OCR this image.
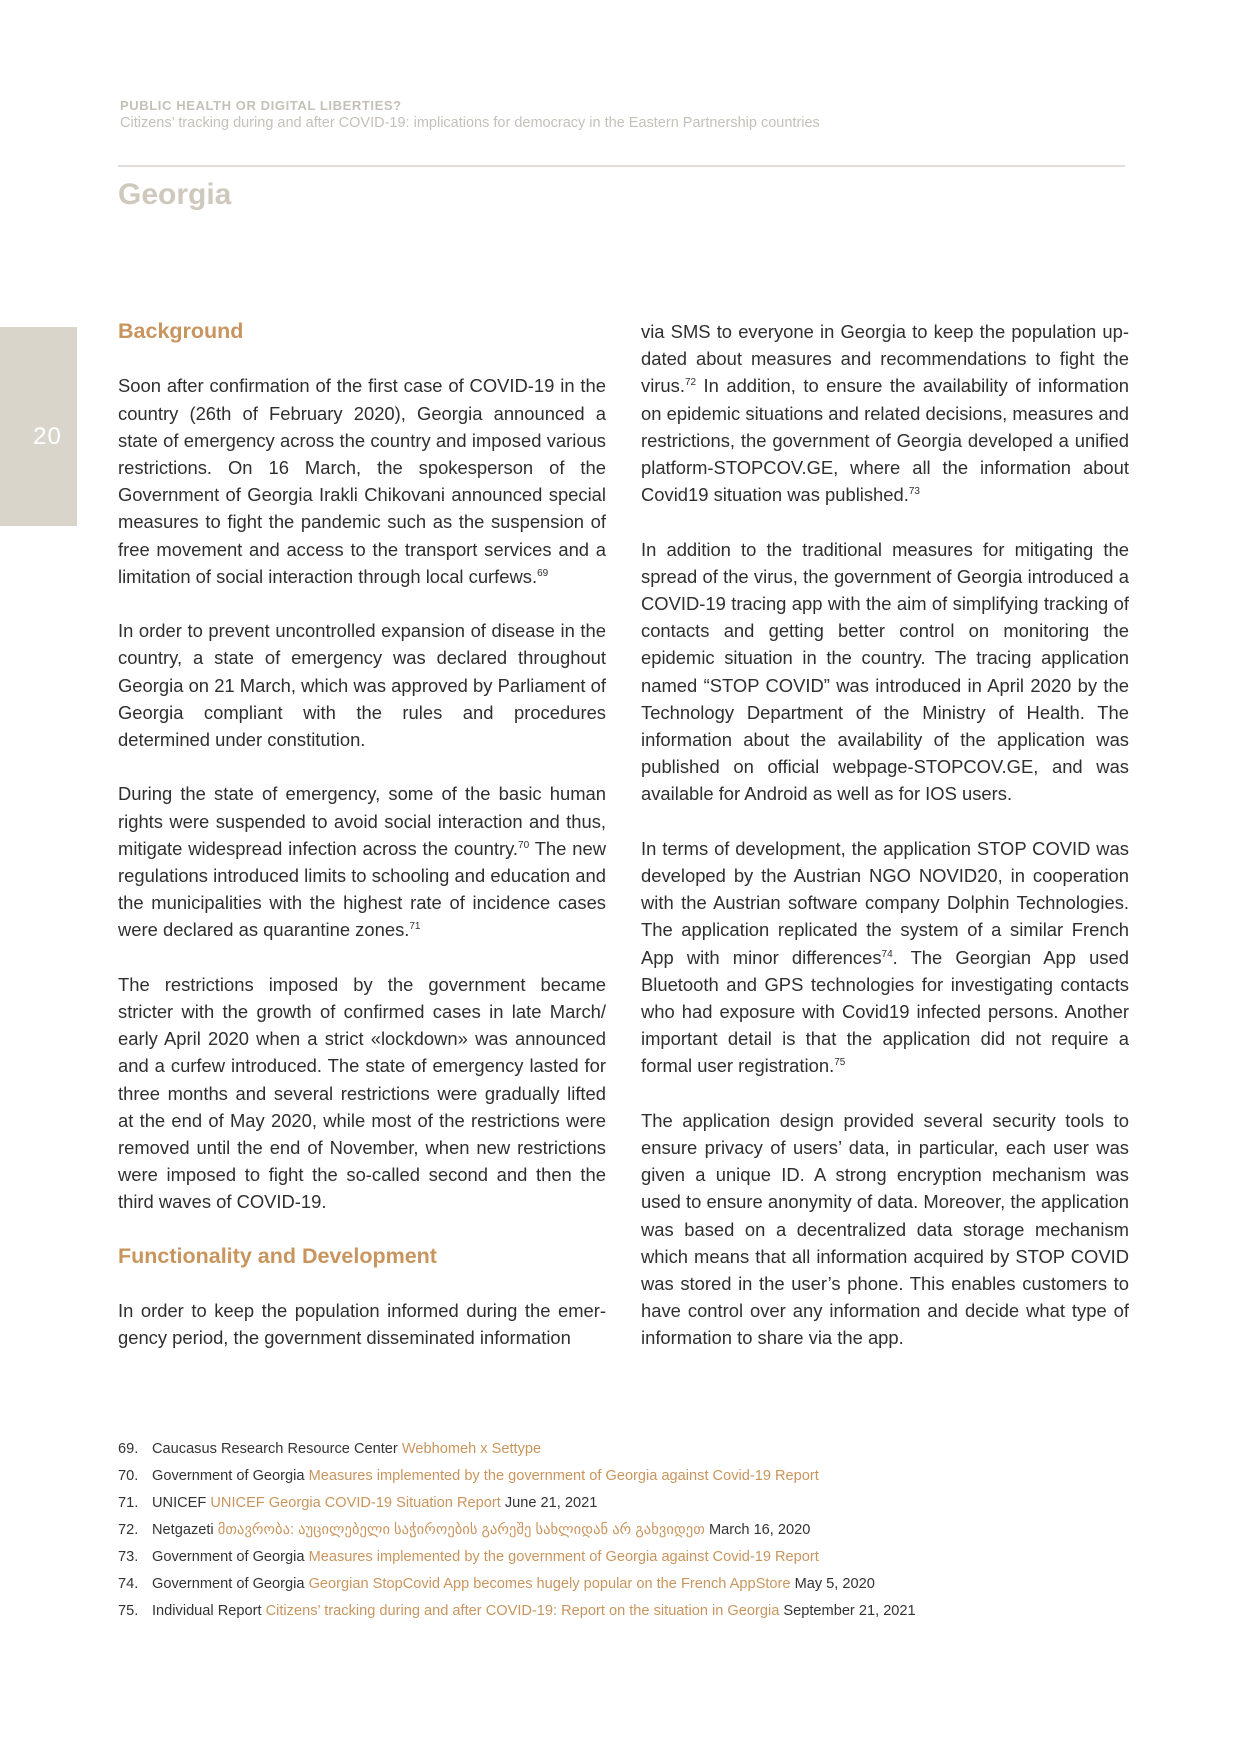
PUBLIC HEALTH OR DIGITAL LIBERTIES?
Citizens’ tracking during and after COVID-19: implications for democracy in the Eastern Partnership countries
Georgia
20
Background

Soon after confirmation of the first case of COVID-19 in the country (26th of February 2020), Georgia announced a state of emergency across the country and imposed various restrictions. On 16 March, the spokesperson of the Government of Georgia Irakli Chikovani announced special measures to fight the pandemic such as the suspension of free movement and access to the transport services and a limitation of social interaction through local curfews.$^{69}$

In order to prevent uncontrolled expansion of disease in the country, a state of emergency was declared throughout Georgia on 21 March, which was approved by Parliament of Georgia compliant with the rules and procedures determined under constitution.

During the state of emergency, some of the basic human rights were suspended to avoid social interaction and thus, mitigate widespread infection across the country.$^{70}$ The new regulations introduced limits to schooling and education and the municipalities with the highest rate of incidence cases were declared as quarantine zones.$^{71}$

The restrictions imposed by the government became stricter with the growth of confirmed cases in late March/ early April 2020 when a strict «lockdown» was announced and a curfew introduced. The state of emergency lasted for three months and several restrictions were gradually lifted at the end of May 2020, while most of the restrictions were removed until the end of November, when new restrictions were imposed to fight the so-called second and then the third waves of COVID-19.

Functionality and Development

In order to keep the population informed during the emer-gency period, the government disseminated information

via SMS to everyone in Georgia to keep the population up-dated about measures and recommendations to fight the virus.$^{72}$ In addition, to ensure the availability of information on epidemic situations and related decisions, measures and restrictions, the government of Georgia developed a unified platform-STOPCOV.GE, where all the information about Covid19 situation was published.$^{73}$

In addition to the traditional measures for mitigating the spread of the virus, the government of Georgia introduced a COVID-19 tracing app with the aim of simplifying tracking of contacts and getting better control on monitoring the epidemic situation in the country. The tracing application named “STOP COVID” was introduced in April 2020 by the Technology Department of the Ministry of Health. The information about the availability of the application was published on official webpage-STOPCOV.GE, and was available for Android as well as for IOS users.

In terms of development, the application STOP COVID was developed by the Austrian NGO NOVID20, in cooperation with the Austrian software company Dolphin Technologies. The application replicated the system of a similar French App with minor differences$^{74}$. The Georgian App used Bluetooth and GPS technologies for investigating contacts who had exposure with Covid19 infected persons. Another important detail is that the application did not require a formal user registration.$^{75}$

The application design provided several security tools to ensure privacy of users’ data, in particular, each user was given a unique ID. A strong encryption mechanism was used to ensure anonymity of data. Moreover, the application was based on a decentralized data storage mechanism which means that all information acquired by STOP COVID was stored in the user’s phone. This enables customers to have control over any information and decide what type of information to share via the app.

69. Caucasus Research Resource Center Webhomeh x Settype
70. Government of Georgia Measures implemented by the government of Georgia against Covid-19 Report
71. UNICEF UNICEF Georgia COVID-19 Situation Report June 21, 2021
72. Netgazeti მთავრობა: აუცილებელი საჭიროების გარეშე სახლიდან არ გახვიდეთ March 16, 2020
73. Government of Georgia Measures implemented by the government of Georgia against Covid-19 Report
74. Government of Georgia Georgian StopCovid App becomes hugely popular on the French AppStore May 5, 2020
75. Individual Report Citizens’ tracking during and after COVID-19: Report on the situation in Georgia September 21, 2021
